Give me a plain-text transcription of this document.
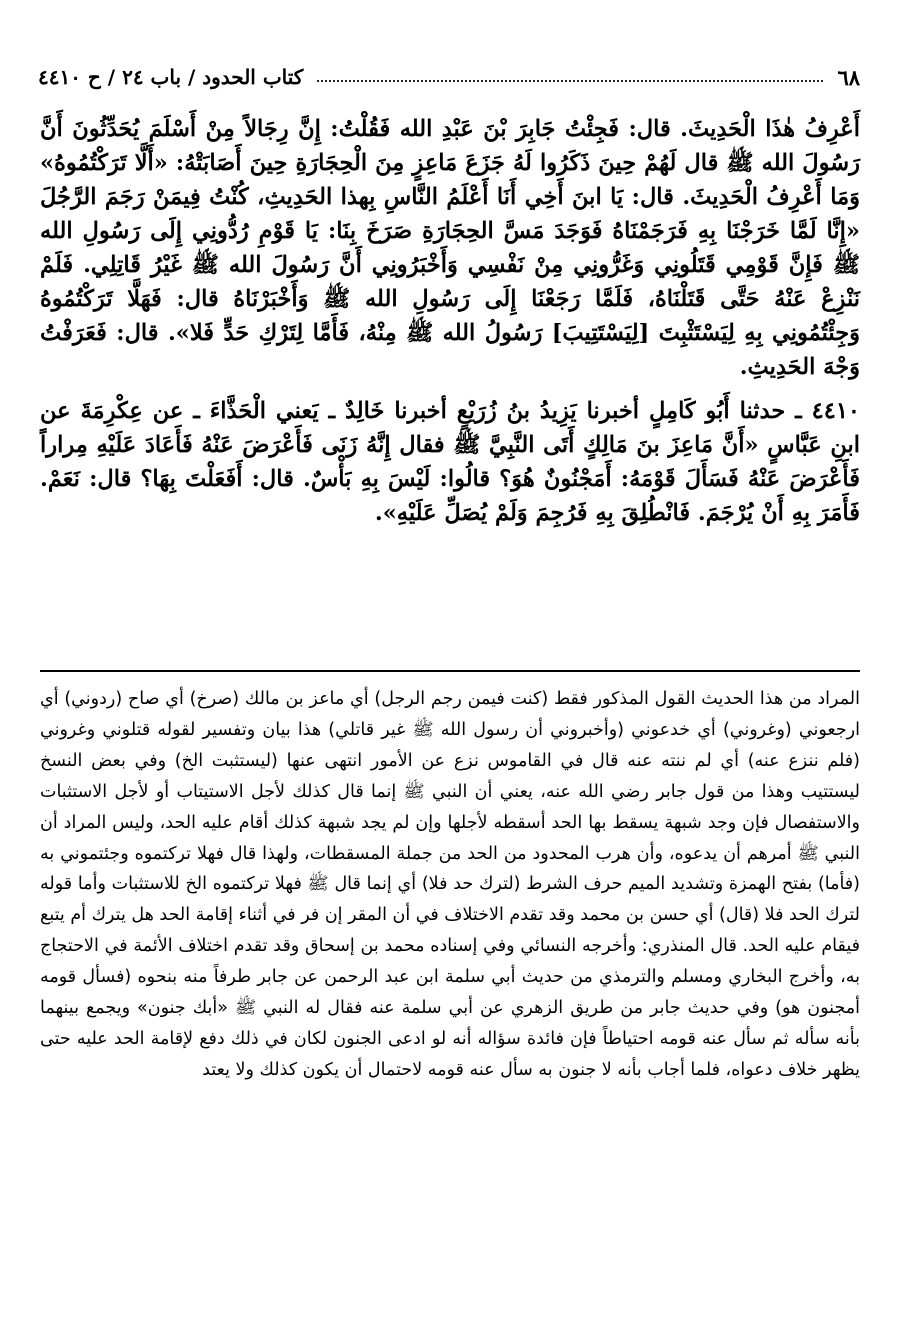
٦٨
كتاب الحدود / باب ٢٤ / ح ٤٤١٠

أَعْرِفُ هٰذَا الْحَدِيثَ. قال: فَجِئْتُ جَابِرَ بْنَ عَبْدِ الله فَقُلْتُ: إِنَّ رِجَالاً مِنْ أَسْلَمَ يُحَدِّثُونَ أَنَّ رَسُولَ الله ﷺ قال لَهُمْ حِينَ ذَكَرُوا لَهُ جَزَعَ مَاعِزٍ مِنَ الْحِجَارَةِ حِينَ أَصَابَتْهُ: «أَلَّا تَرَكْتُمُوهُ» وَمَا أَعْرِفُ الْحَدِيثَ. قال: يَا ابنَ أَخِي أَنَا أَعْلَمُ النَّاسِ بِهذا الحَدِيثِ، كُنْتُ فِيمَنْ رَجَمَ الرَّجُلَ «إِنَّا لَمَّا خَرَجْنَا بِهِ فَرَجَمْنَاهُ فَوَجَدَ مَسَّ الحِجَارَةِ صَرَخَ بِنَا: يَا قَوْمِ رُدُّونِي إِلَى رَسُولِ الله ﷺ فَإِنَّ قَوْمِي قَتَلُونِي وَغَرُّونِي مِنْ نَفْسِي وَأَخْبَرُونِي أَنَّ رَسُولَ الله ﷺ غَيْرُ قَاتِلِي. فَلَمْ نَنْزِعْ عَنْهُ حَتَّى قَتَلْنَاهُ، فَلَمَّا رَجَعْنَا إِلَى رَسُولِ الله ﷺ وَأَخْبَرْنَاهُ قال: فَهَلَّا تَرَكْتُمُوهُ وَجِئْتُمُونِي بِهِ لِيَسْتَثْبِتَ [لِيَسْتَتِيبَ] رَسُولُ الله ﷺ مِنْهُ، فَأَمَّا لِتَرْكِ حَدٍّ فَلا». قال: فَعَرَفْتُ وَجْهَ الحَدِيثِ.

٤٤١٠ ـ حدثنا أَبُو كَامِلٍ أخبرنا يَزِيدُ بنُ زُرَيْعٍ أخبرنا خَالِدٌ ـ يَعني الْحَذَّاءَ ـ عن عِكْرِمَةَ عن ابنِ عَبَّاسٍ «أَنَّ مَاعِزَ بنَ مَالِكٍ أَتَى النَّبِيَّ ﷺ فقال إِنَّهُ زَنَى فَأَعْرَضَ عَنْهُ فَأَعَادَ عَلَيْهِ مِراراً فَأَعْرَضَ عَنْهُ فَسَأَلَ قَوْمَهُ: أَمَجْنُونٌ هُوَ؟ قالُوا: لَيْسَ بِهِ بَأْسٌ. قال: أَفَعَلْتَ بِهَا؟ قال: نَعَمْ. فَأَمَرَ بِهِ أَنْ يُرْجَمَ. فَانْطُلِقَ بِهِ فَرُجِمَ وَلَمْ يُصَلِّ عَلَيْهِ».

المراد من هذا الحديث القول المذكور فقط (كنت فيمن رجم الرجل) أي ماعز بن مالك (صرخ) أي صاح (ردوني) أي ارجعوني (وغروني) أي خدعوني (وأخبروني أن رسول الله ﷺ غير قاتلي) هذا بيان وتفسير لقوله قتلوني وغروني (فلم ننزع عنه) أي لم ننته عنه قال في القاموس نزع عن الأمور انتهى عنها (ليستثبت الخ) وفي بعض النسخ ليستتيب وهذا من قول جابر رضي الله عنه، يعني أن النبي ﷺ إنما قال كذلك لأجل الاستيتاب أو لأجل الاستثبات والاستفصال فإن وجد شبهة يسقط بها الحد أسقطه لأجلها وإن لم يجد شبهة كذلك أقام عليه الحد، وليس المراد أن النبي ﷺ أمرهم أن يدعوه، وأن هرب المحدود من الحد من جملة المسقطات، ولهذا قال فهلا تركتموه وجئتموني به (فأما) بفتح الهمزة وتشديد الميم حرف الشرط (لترك حد فلا) أي إنما قال ﷺ فهلا تركتموه الخ للاستثبات وأما قوله لترك الحد فلا (قال) أي حسن بن محمد وقد تقدم الاختلاف في أن المقر إن فر في أثناء إقامة الحد هل يترك أم يتبع فيقام عليه الحد. قال المنذري: وأخرجه النسائي وفي إسناده محمد بن إسحاق وقد تقدم اختلاف الأئمة في الاحتجاج به، وأخرج البخاري ومسلم والترمذي من حديث أبي سلمة ابن عبد الرحمن عن جابر طرفاً منه بنحوه (فسأل قومه أمجنون هو) وفي حديث جابر من طريق الزهري عن أبي سلمة عنه فقال له النبي ﷺ «أبك جنون» ويجمع بينهما بأنه سأله ثم سأل عنه قومه احتياطاً فإن فائدة سؤاله أنه لو ادعى الجنون لكان في ذلك دفع لإقامة الحد عليه حتى يظهر خلاف دعواه، فلما أجاب بأنه لا جنون به سأل عنه قومه لاحتمال أن يكون كذلك ولا يعتد
